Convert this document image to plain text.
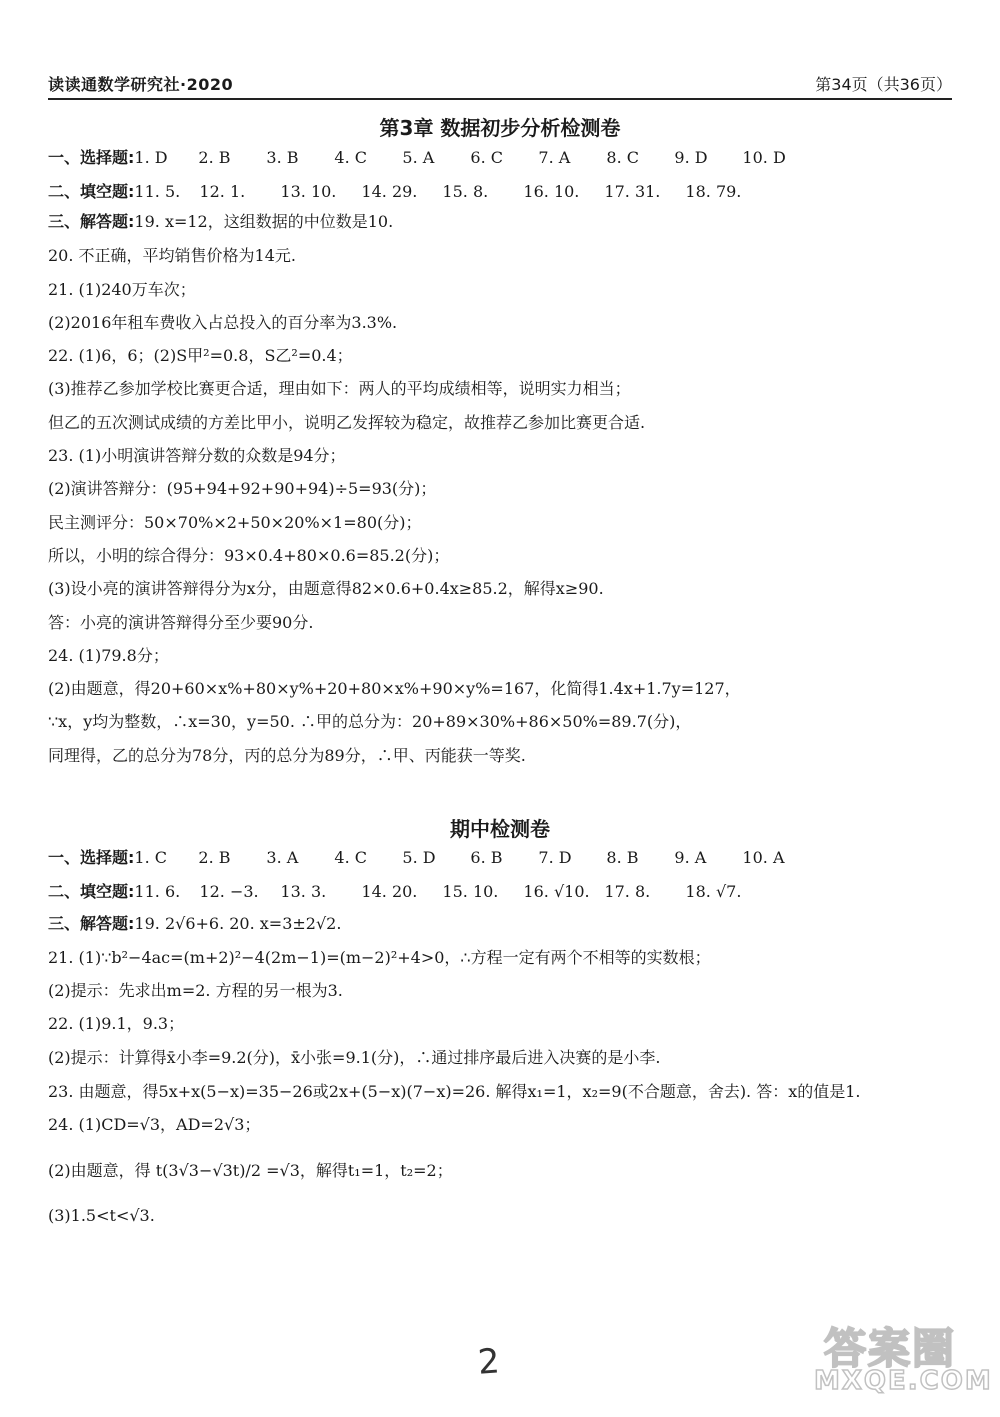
读读通数学研究社·2020	第34页（共36页）
第3章 数据初步分析检测卷
一、选择题:1. D 2. B 3. B 4. C 5. A 6. C 7. A 8. C 9. D 10. D
二、填空题:11. 5. 12. 1. 13. 10. 14. 29. 15. 8. 16. 10. 17. 31. 18. 79.
三、解答题:19. x=12，这组数据的中位数是10.
20. 不正确，平均销售价格为14元.
21. (1)240万车次；
(2)2016年租车费收入占总投入的百分率为3.3%.
22. (1)6，6；(2)S甲²=0.8，S乙²=0.4；
(3)推荐乙参加学校比赛更合适，理由如下：两人的平均成绩相等，说明实力相当；
但乙的五次测试成绩的方差比甲小，说明乙发挥较为稳定，故推荐乙参加比赛更合适.
23. (1)小明演讲答辩分数的众数是94分；
(2)演讲答辩分：(95+94+92+90+94)÷5=93(分)；
民主测评分：50×70%×2+50×20%×1=80(分)；
所以，小明的综合得分：93×0.4+80×0.6=85.2(分)；
(3)设小亮的演讲答辩得分为x分，由题意得82×0.6+0.4x≥85.2，解得x≥90.
答：小亮的演讲答辩得分至少要90分.
24. (1)79.8分；
(2)由题意，得20+60×x%+80×y%+20+80×x%+90×y%=167，化简得1.4x+1.7y=127，
∵x，y均为整数，∴x=30，y=50. ∴甲的总分为：20+89×30%+86×50%=89.7(分)，
同理得，乙的总分为78分，丙的总分为89分，∴甲、丙能获一等奖.
期中检测卷
一、选择题:1. C 2. B 3. A 4. C 5. D 6. B 7. D 8. B 9. A 10. A
二、填空题:11. 6. 12. −3. 13. 3. 14. 20. 15. 10. 16. √10. 17. 8. 18. √7.
三、解答题:19. 2√6+6. 20. x=3±2√2.
21. (1)∵b²−4ac=(m+2)²−4(2m−1)=(m−2)²+4>0，∴方程一定有两个不相等的实数根；
(2)提示：先求出m=2. 方程的另一根为3.
22. (1)9.1，9.3；
(2)提示：计算得x̄小李=9.2(分)，x̄小张=9.1(分)，∴通过排序最后进入决赛的是小李.
23. 由题意，得5x+x(5−x)=35−26或2x+(5−x)(7−x)=26. 解得x₁=1，x₂=9(不合题意，舍去). 答：x的值是1.
24. (1)CD=√3，AD=2√3；
(2)由题意，得 t(3√3−√3t)/2 =√3，解得t₁=1，t₂=2；
(3)1.5<t<√3.
2	答案圈
MXQE.COM
